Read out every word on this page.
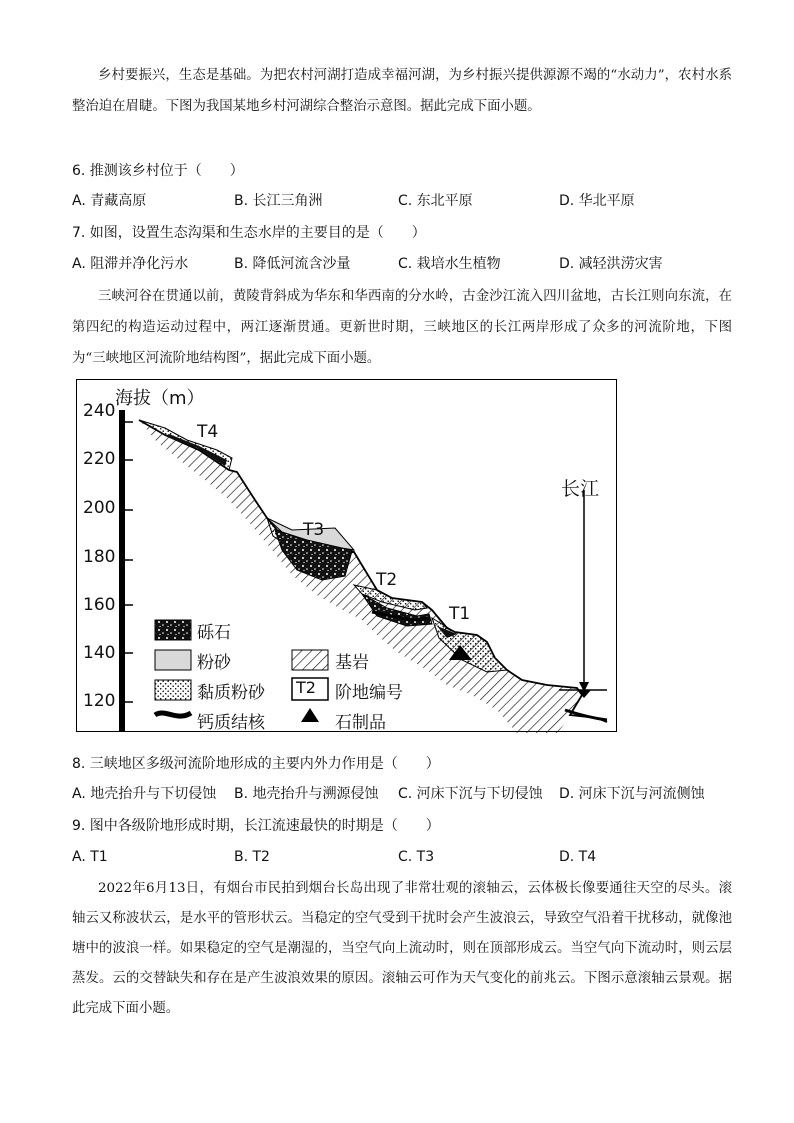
乡村要振兴，生态是基础。为把农村河湖打造成幸福河湖，为乡村振兴提供源源不竭的“水动力”，农村水系整治迫在眉睫。下图为我国某地乡村河湖综合整治示意图。据此完成下面小题。
6. 推测该乡村位于（　　）
A. 青藏高原	B. 长江三角洲	C. 东北平原	D. 华北平原
7. 如图，设置生态沟渠和生态水岸的主要目的是（　　）
A. 阻滞并净化污水	B. 降低河流含沙量	C. 栽培水生植物	D. 减轻洪涝灾害
三峡河谷在贯通以前，黄陵背斜成为华东和华西南的分水岭，古金沙江流入四川盆地，古长江则向东流，在第四纪的构造运动过程中，两江逐渐贯通。更新世时期，三峡地区的长江两岸形成了众多的河流阶地，下图为“三峡地区河流阶地结构图”，据此完成下面小题。
海拔（m）
240
220
200
180
160
140
120
T4
T3
T2
T1
长江
砾石
粉砂	基岩
黏质粉砂 T2 阶地编号
钙质结核	石制品
8. 三峡地区多级河流阶地形成的主要内外力作用是（　　）
A. 地壳抬升与下切侵蚀 B. 地壳抬升与溯源侵蚀 C. 河床下沉与下切侵蚀 D. 河床下沉与河流侧蚀
9. 图中各级阶地形成时期，长江流速最快的时期是（　　）
A. T1	B. T2	C. T3	D. T4
2022年6月13日，有烟台市民拍到烟台长岛出现了非常壮观的滚轴云，云体极长像要通往天空的尽头。滚轴云又称波状云，是水平的管形状云。当稳定的空气受到干扰时会产生波浪云，导致空气沿着干扰移动，就像池塘中的波浪一样。如果稳定的空气是潮湿的，当空气向上流动时，则在顶部形成云。当空气向下流动时，则云层蒸发。云的交替缺失和存在是产生波浪效果的原因。滚轴云可作为天气变化的前兆云。下图示意滚轴云景观。据此完成下面小题。
